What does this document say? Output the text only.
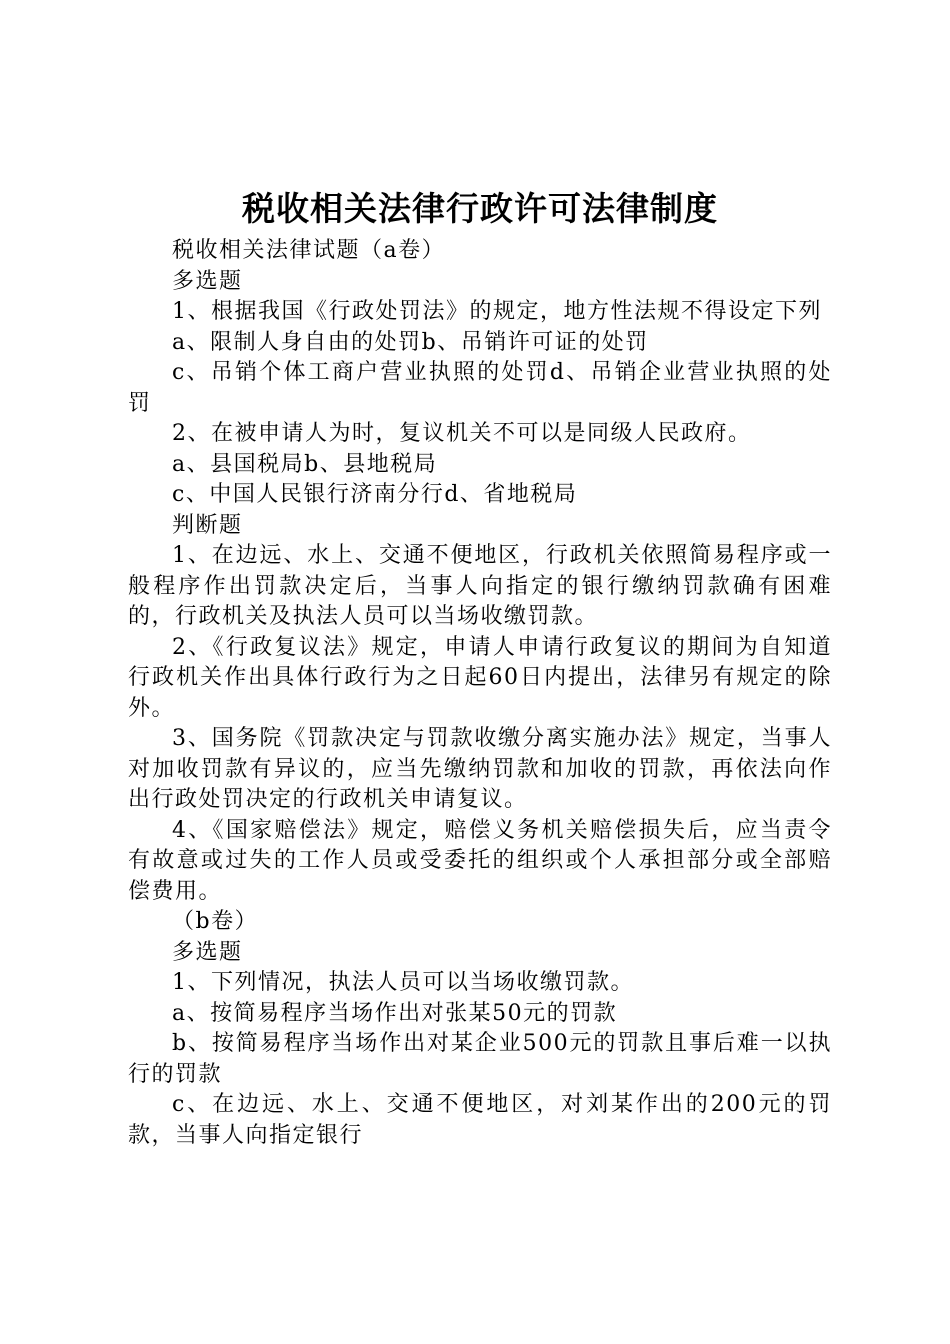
税收相关法律行政许可法律制度

税收相关法律试题（a卷）

多选题

1、根据我国《行政处罚法》的规定，地方性法规不得设定下列

a、限制人身自由的处罚b、吊销许可证的处罚

c、吊销个体工商户营业执照的处罚d、吊销企业营业执照的处罚

2、在被申请人为时，复议机关不可以是同级人民政府。

a、县国税局b、县地税局

c、中国人民银行济南分行d、省地税局

判断题

1、在边远、水上、交通不便地区，行政机关依照简易程序或一般程序作出罚款决定后，当事人向指定的银行缴纳罚款确有困难的，行政机关及执法人员可以当场收缴罚款。

2、《行政复议法》规定，申请人申请行政复议的期间为自知道行政机关作出具体行政行为之日起60日内提出，法律另有规定的除外。

3、国务院《罚款决定与罚款收缴分离实施办法》规定，当事人对加收罚款有异议的，应当先缴纳罚款和加收的罚款，再依法向作出行政处罚决定的行政机关申请复议。

4、《国家赔偿法》规定，赔偿义务机关赔偿损失后，应当责令有故意或过失的工作人员或受委托的组织或个人承担部分或全部赔偿费用。

（b卷）

多选题

1、下列情况，执法人员可以当场收缴罚款。

a、按简易程序当场作出对张某50元的罚款

b、按简易程序当场作出对某企业500元的罚款且事后难一以执行的罚款

c、在边远、水上、交通不便地区，对刘某作出的200元的罚款，当事人向指定银行
